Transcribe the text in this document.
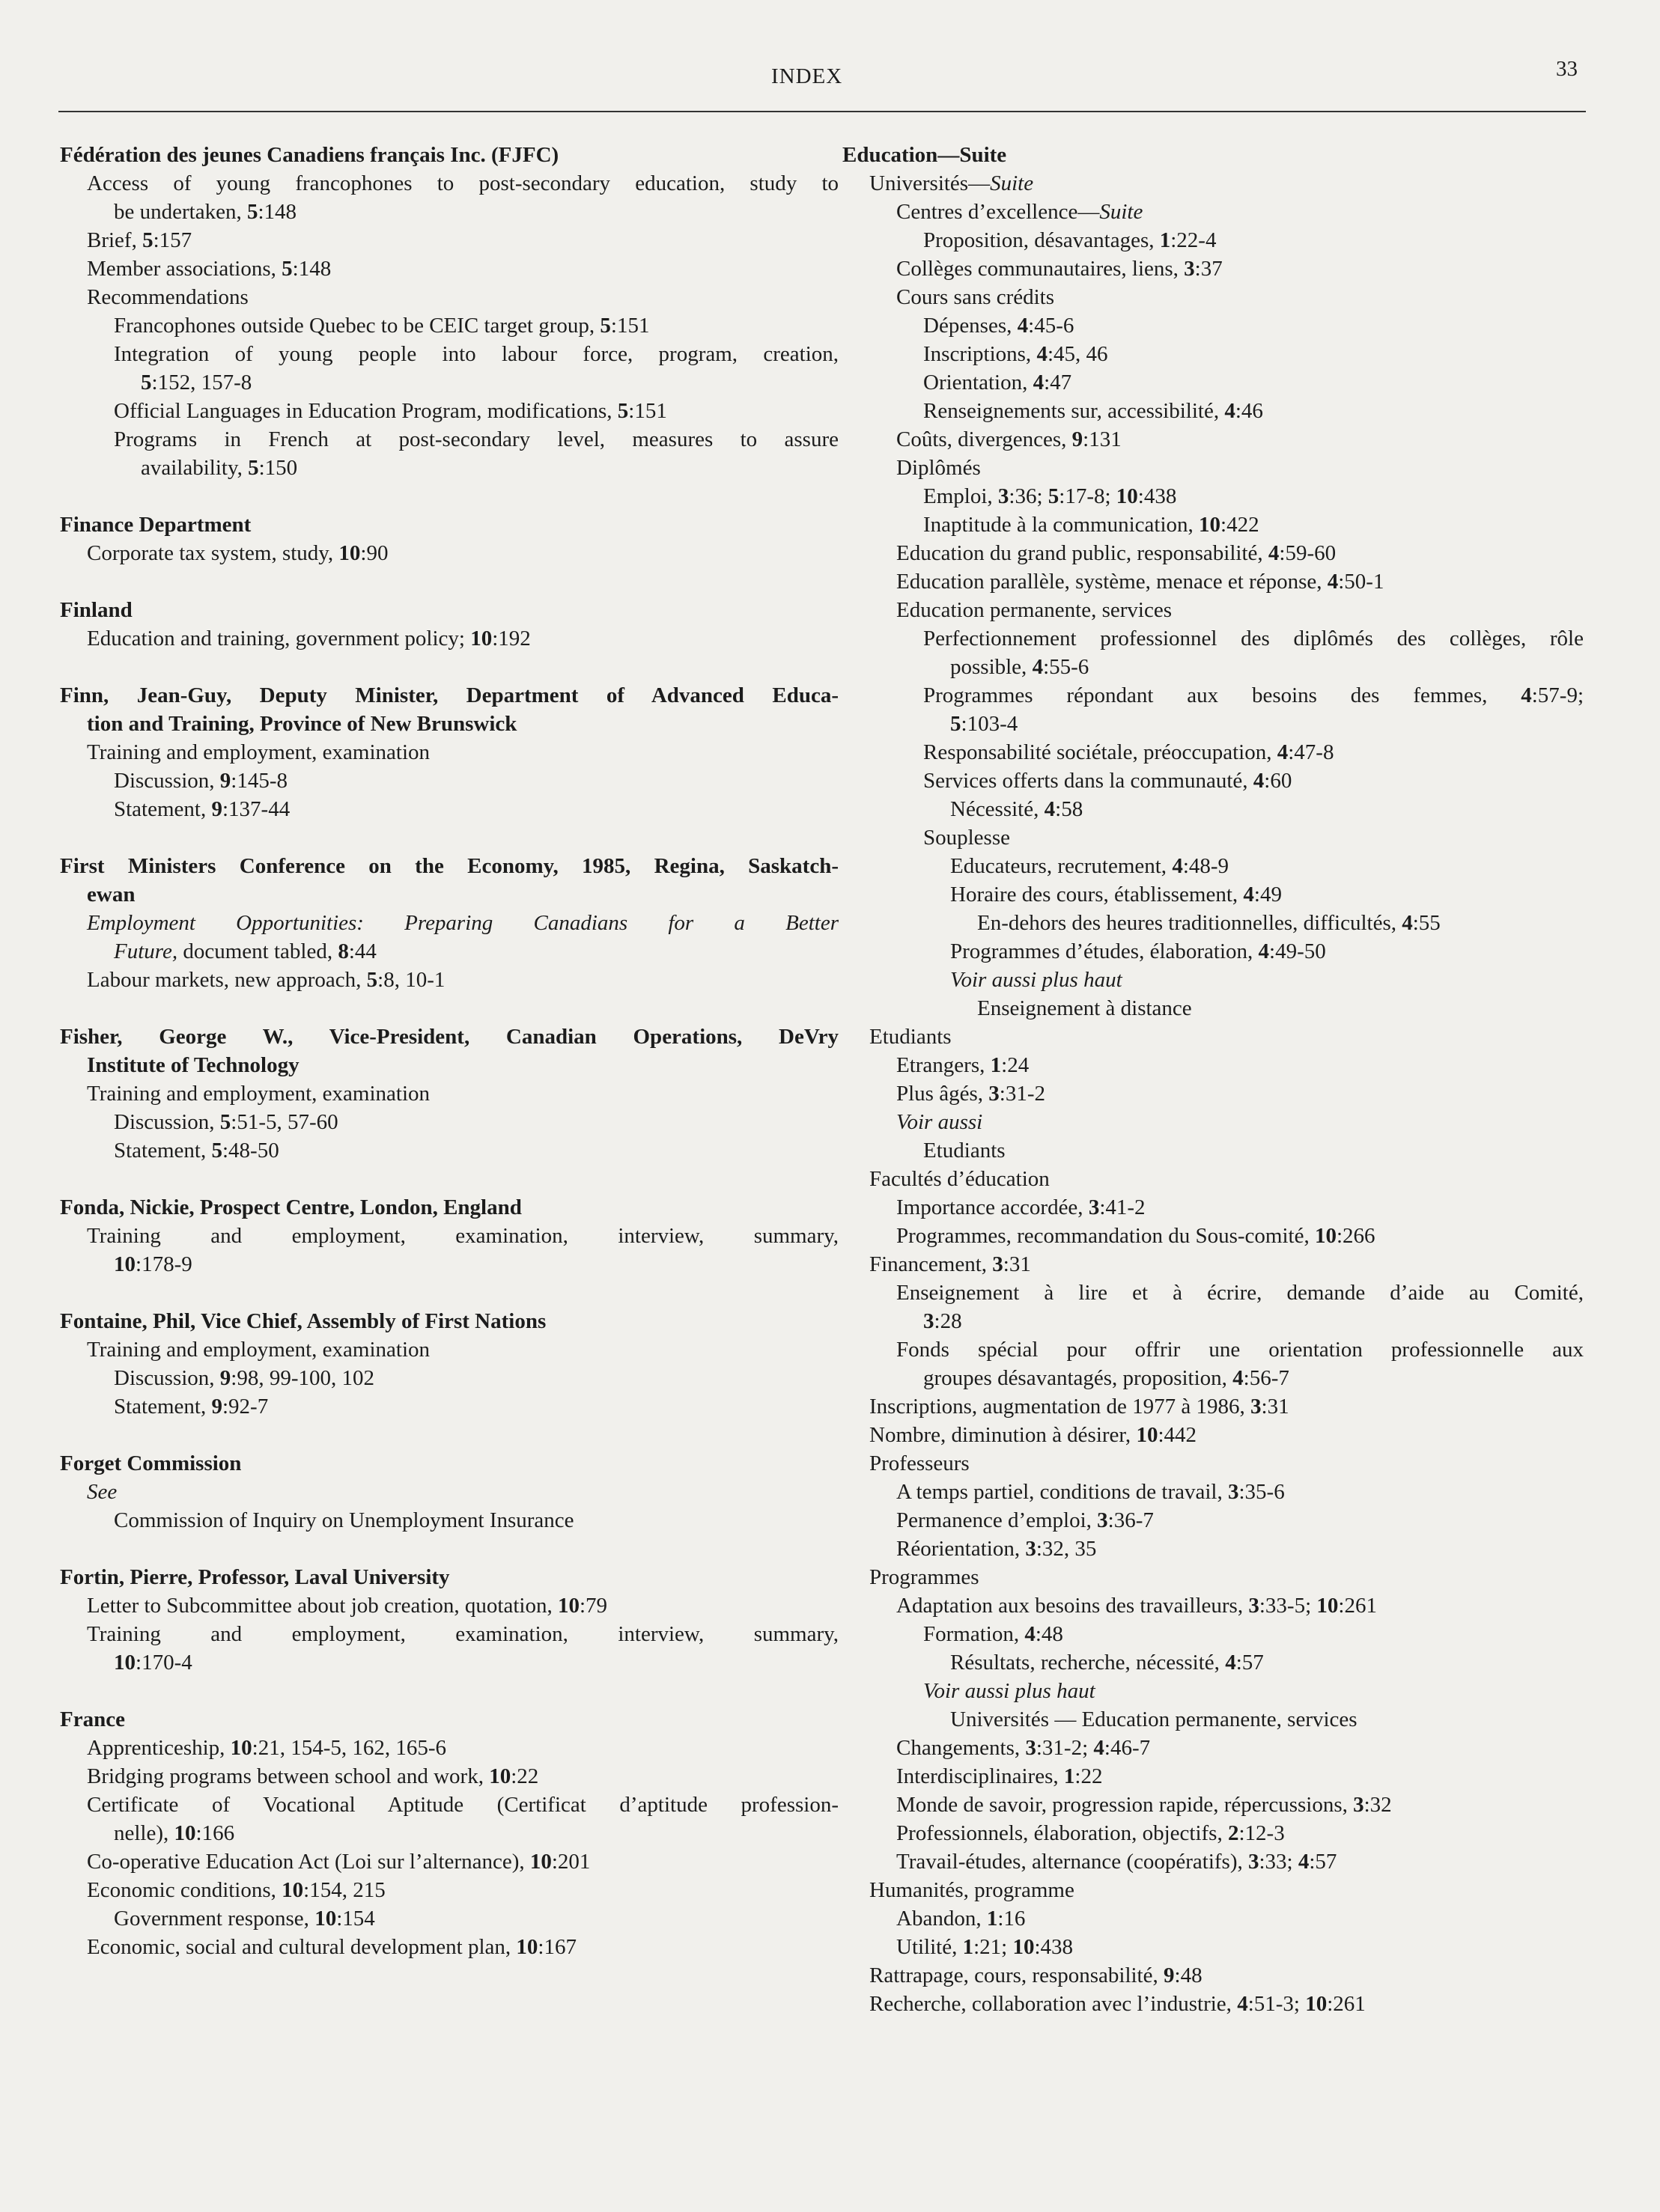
INDEX	33
Fédération des jeunes Canadiens français Inc. (FJFC)
Access of young francophones to post-secondary education, study to
be undertaken, 5:148
Brief, 5:157
Member associations, 5:148
Recommendations
Francophones outside Quebec to be CEIC target group, 5:151
Integration of young people into labour force, program, creation,
5:152, 157-8
Official Languages in Education Program, modifications, 5:151
Programs in French at post-secondary level, measures to assure
availability, 5:150
Finance Department
Corporate tax system, study, 10:90
Finland
Education and training, government policy; 10:192
Finn, Jean-Guy, Deputy Minister, Department of Advanced Educa-
tion and Training, Province of New Brunswick
Training and employment, examination
Discussion, 9:145-8
Statement, 9:137-44
First Ministers Conference on the Economy, 1985, Regina, Saskatch-
ewan
Employment Opportunities: Preparing Canadians for a Better
Future, document tabled, 8:44
Labour markets, new approach, 5:8, 10-1
Fisher, George W., Vice-President, Canadian Operations, DeVry
Institute of Technology
Training and employment, examination
Discussion, 5:51-5, 57-60
Statement, 5:48-50
Fonda, Nickie, Prospect Centre, London, England
Training and employment, examination, interview, summary,
10:178-9
Fontaine, Phil, Vice Chief, Assembly of First Nations
Training and employment, examination
Discussion, 9:98, 99-100, 102
Statement, 9:92-7
Forget Commission
See
Commission of Inquiry on Unemployment Insurance
Fortin, Pierre, Professor, Laval University
Letter to Subcommittee about job creation, quotation, 10:79
Training and employment, examination, interview, summary,
10:170-4
France
Apprenticeship, 10:21, 154-5, 162, 165-6
Bridging programs between school and work, 10:22
Certificate of Vocational Aptitude (Certificat d’aptitude profession-
nelle), 10:166
Co-operative Education Act (Loi sur l’alternance), 10:201
Economic conditions, 10:154, 215
Government response, 10:154
Economic, social and cultural development plan, 10:167
Education—Suite
Universités—Suite
Centres d’excellence—Suite
Proposition, désavantages, 1:22-4
Collèges communautaires, liens, 3:37
Cours sans crédits
Dépenses, 4:45-6
Inscriptions, 4:45, 46
Orientation, 4:47
Renseignements sur, accessibilité, 4:46
Coûts, divergences, 9:131
Diplômés
Emploi, 3:36; 5:17-8; 10:438
Inaptitude à la communication, 10:422
Education du grand public, responsabilité, 4:59-60
Education parallèle, système, menace et réponse, 4:50-1
Education permanente, services
Perfectionnement professionnel des diplômés des collèges, rôle
possible, 4:55-6
Programmes répondant aux besoins des femmes, 4:57-9;
5:103-4
Responsabilité sociétale, préoccupation, 4:47-8
Services offerts dans la communauté, 4:60
Nécessité, 4:58
Souplesse
Educateurs, recrutement, 4:48-9
Horaire des cours, établissement, 4:49
En-dehors des heures traditionnelles, difficultés, 4:55
Programmes d’études, élaboration, 4:49-50
Voir aussi plus haut
Enseignement à distance
Etudiants
Etrangers, 1:24
Plus âgés, 3:31-2
Voir aussi
Etudiants
Facultés d’éducation
Importance accordée, 3:41-2
Programmes, recommandation du Sous-comité, 10:266
Financement, 3:31
Enseignement à lire et à écrire, demande d’aide au Comité,
3:28
Fonds spécial pour offrir une orientation professionnelle aux
groupes désavantagés, proposition, 4:56-7
Inscriptions, augmentation de 1977 à 1986, 3:31
Nombre, diminution à désirer, 10:442
Professeurs
A temps partiel, conditions de travail, 3:35-6
Permanence d’emploi, 3:36-7
Réorientation, 3:32, 35
Programmes
Adaptation aux besoins des travailleurs, 3:33-5; 10:261
Formation, 4:48
Résultats, recherche, nécessité, 4:57
Voir aussi plus haut
Universités — Education permanente, services
Changements, 3:31-2; 4:46-7
Interdisciplinaires, 1:22
Monde de savoir, progression rapide, répercussions, 3:32
Professionnels, élaboration, objectifs, 2:12-3
Travail-études, alternance (coopératifs), 3:33; 4:57
Humanités, programme
Abandon, 1:16
Utilité, 1:21; 10:438
Rattrapage, cours, responsabilité, 9:48
Recherche, collaboration avec l’industrie, 4:51-3; 10:261
